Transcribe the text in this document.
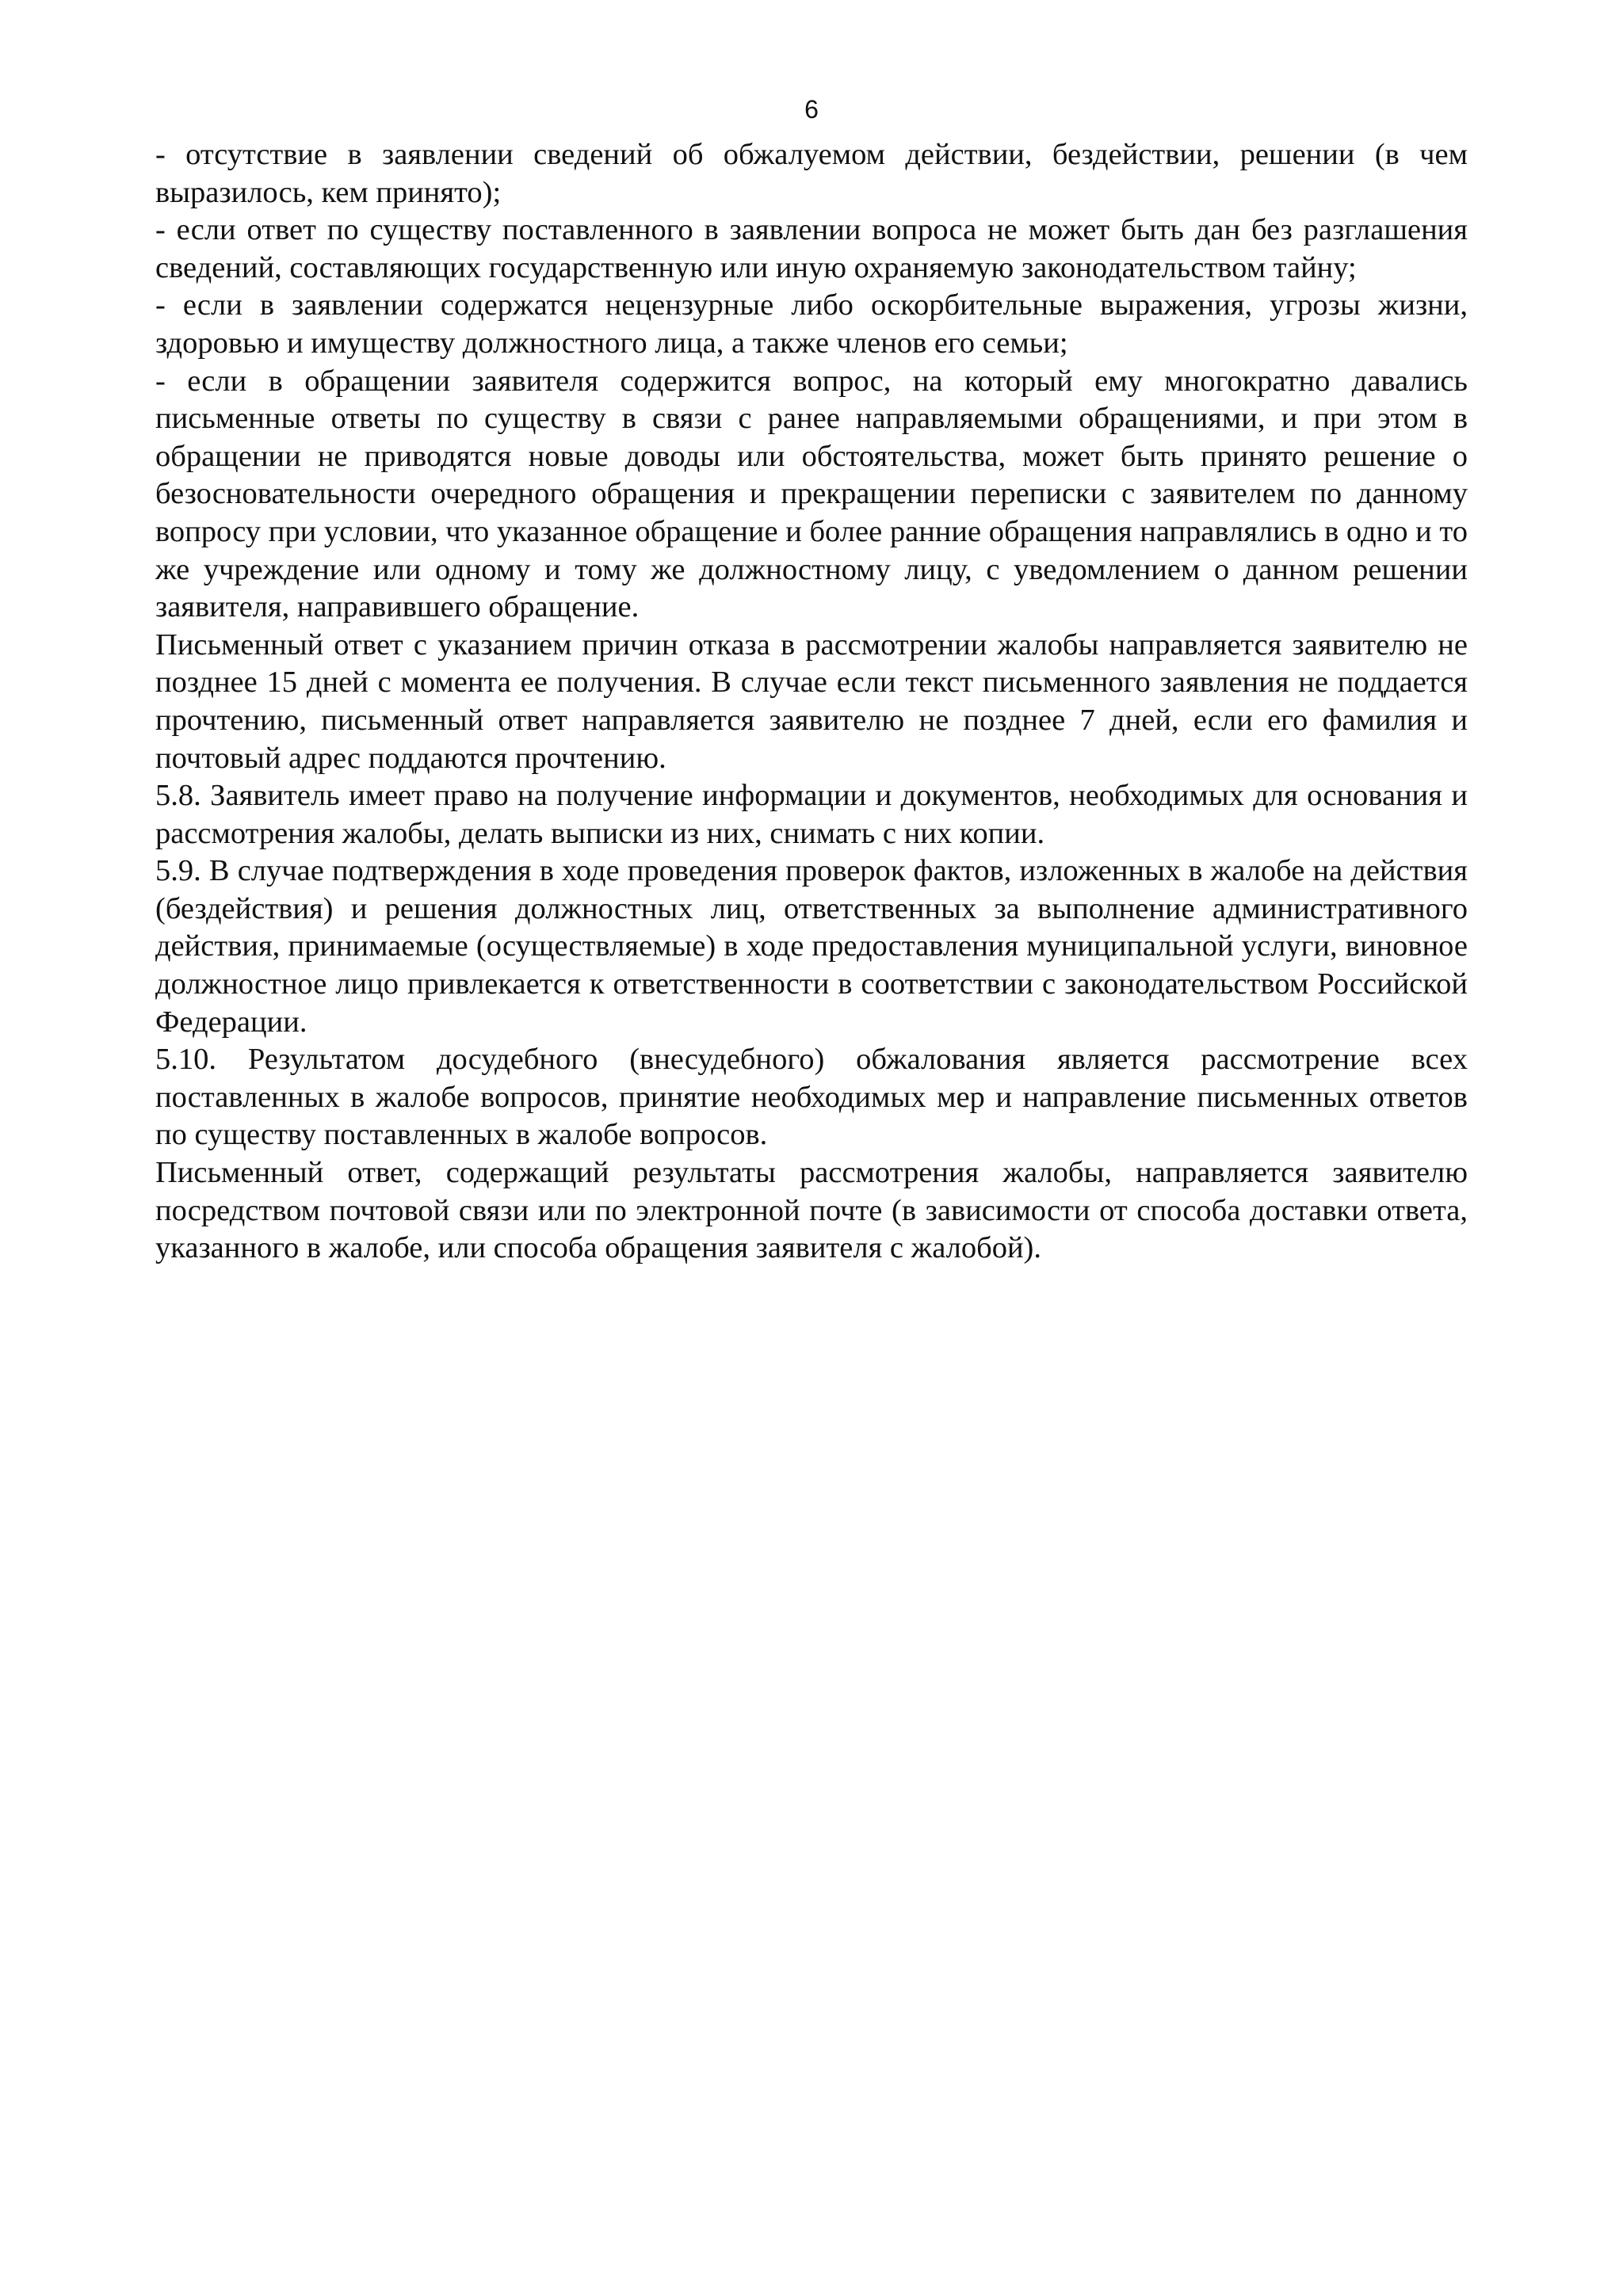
6

- отсутствие в заявлении сведений об обжалуемом действии, бездействии, решении (в чем выразилось, кем принято);

- если ответ по существу поставленного в заявлении вопроса не может быть дан без разглашения сведений, составляющих государственную или иную охраняемую законодательством тайну;

- если в заявлении содержатся нецензурные либо оскорбительные выражения, угрозы жизни, здоровью и имуществу должностного лица, а также членов его семьи;

- если в обращении заявителя содержится вопрос, на который ему многократно давались письменные ответы по существу в связи с ранее направляемыми обращениями, и при этом в обращении не приводятся новые доводы или обстоятельства, может быть принято решение о безосновательности очередного обращения и прекращении переписки с заявителем по данному вопросу при условии, что указанное обращение и более ранние обращения направлялись в одно и то же учреждение или одному и тому же должностному лицу, с уведомлением о данном решении заявителя, направившего обращение.

Письменный ответ с указанием причин отказа в рассмотрении жалобы направляется заявителю не позднее 15 дней с момента ее получения. В случае если текст письменного заявления не поддается прочтению, письменный ответ направляется заявителю не позднее 7 дней, если его фамилия и почтовый адрес поддаются прочтению.

5.8. Заявитель имеет право на получение информации и документов, необходимых для основания и рассмотрения жалобы, делать выписки из них, снимать с них копии.

5.9. В случае подтверждения в ходе проведения проверок фактов, изложенных в жалобе на действия (бездействия) и решения должностных лиц, ответственных за выполнение административного действия, принимаемые (осуществляемые) в ходе предоставления муниципальной услуги, виновное должностное лицо привлекается к ответственности в соответствии с законодательством Российской Федерации.

5.10. Результатом досудебного (внесудебного) обжалования является рассмотрение всех поставленных в жалобе вопросов, принятие необходимых мер и направление письменных ответов по существу поставленных в жалобе вопросов.

Письменный ответ, содержащий результаты рассмотрения жалобы, направляется заявителю посредством почтовой связи или по электронной почте (в зависимости от способа доставки ответа, указанного в жалобе, или способа обращения заявителя с жалобой).
